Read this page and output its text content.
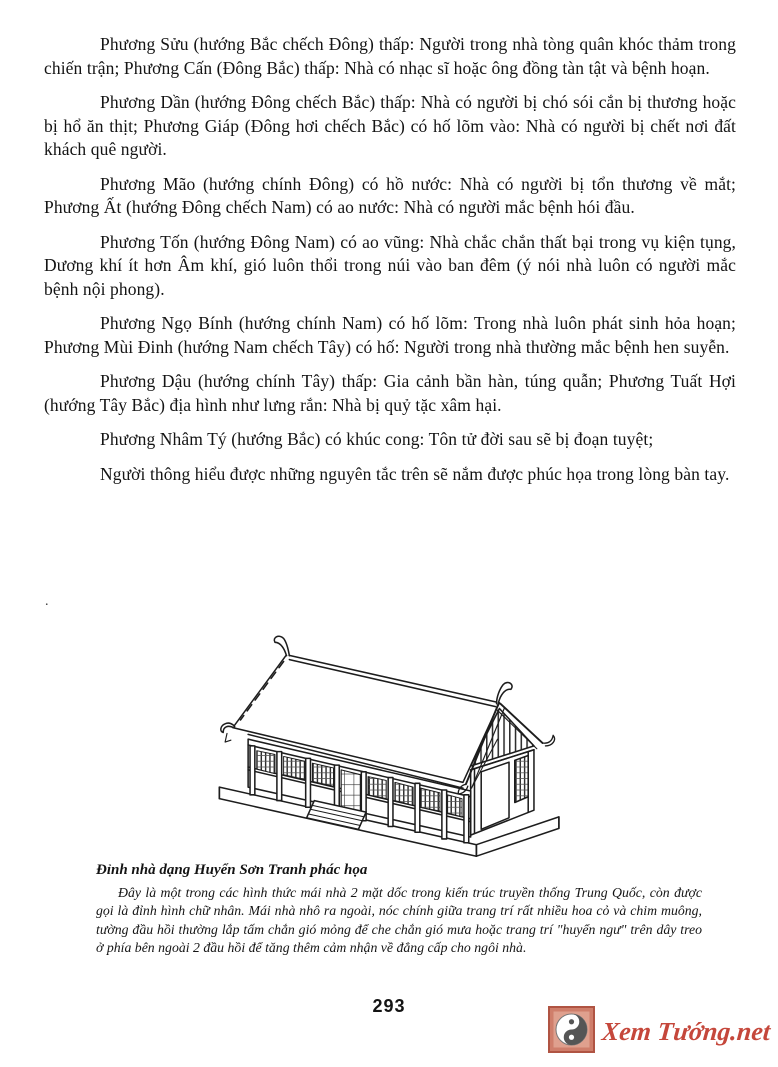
Phương Sửu (hướng Bắc chếch Đông) thấp: Người trong nhà tòng quân khóc thảm trong chiến trận; Phương Cấn (Đông Bắc) thấp: Nhà có nhạc sĩ hoặc ông đồng tàn tật và bệnh hoạn.

Phương Dần (hướng Đông chếch Bắc) thấp: Nhà có người bị chó sói cắn bị thương hoặc bị hổ ăn thịt; Phương Giáp (Đông hơi chếch Bắc) có hố lõm vào: Nhà có người bị chết nơi đất khách quê người.

Phương Mão (hướng chính Đông) có hồ nước: Nhà có người bị tổn thương về mắt; Phương Ất (hướng Đông chếch Nam) có ao nước: Nhà có người mắc bệnh hói đầu.

Phương Tốn (hướng Đông Nam) có ao vũng: Nhà chắc chắn thất bại trong vụ kiện tụng, Dương khí ít hơn Âm khí, gió luôn thổi trong núi vào ban đêm (ý nói nhà luôn có người mắc bệnh nội phong).

Phương Ngọ Bính (hướng chính Nam) có hố lõm: Trong nhà luôn phát sinh hỏa hoạn; Phương Mùi Đinh (hướng Nam chếch Tây) có hố: Người trong nhà thường mắc bệnh hen suyễn.

Phương Dậu (hướng chính Tây) thấp: Gia cảnh bần hàn, túng quẫn; Phương Tuất Hợi (hướng Tây Bắc) địa hình như lưng rắn: Nhà bị quỷ tặc xâm hại.

Phương Nhâm Tý (hướng Bắc) có khúc cong: Tôn tử đời sau sẽ bị đoạn tuyệt;

Người thông hiểu được những nguyên tắc trên sẽ nắm được phúc họa trong lòng bàn tay.

.
Đỉnh nhà dạng Huyển Sơn Tranh phác họa
Đây là một trong các hình thức mái nhà 2 mặt dốc trong kiến trúc truyền thống Trung Quốc, còn được gọi là đỉnh hình chữ nhân. Mái nhà nhô ra ngoài, nóc chính giữa trang trí rất nhiều hoa cỏ và chim muông, tường đầu hồi thường lắp tấm chắn gió mỏng để che chắn gió mưa hoặc trang trí "huyển ngư" trên dây treo ở phía bên ngoài 2 đầu hồi để tăng thêm cảm nhận về đẳng cấp cho ngôi nhà.
293
Xem Tướng.net
